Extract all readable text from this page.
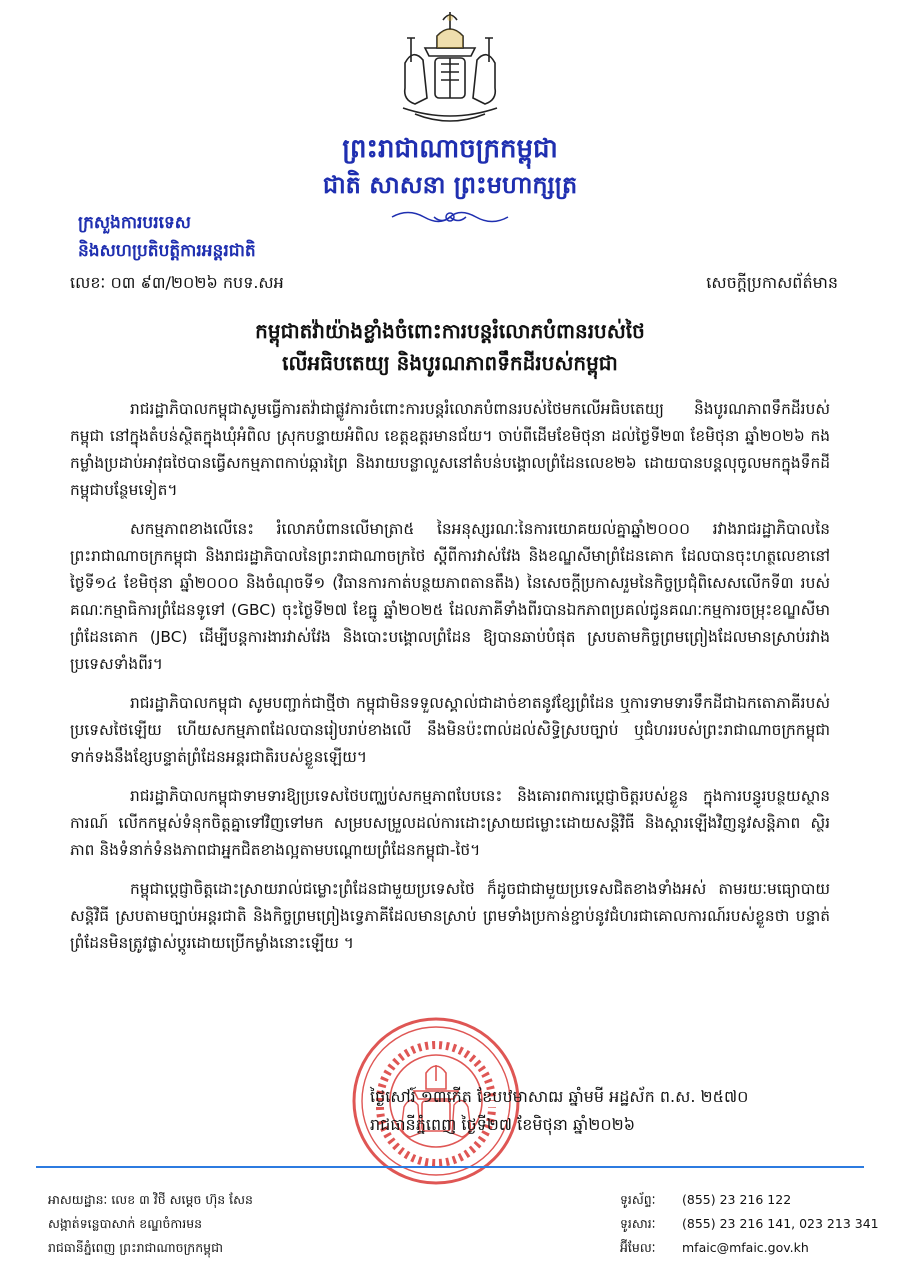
ព្រះរាជាណាចក្រកម្ពុជា
ជាតិ សាសនា ព្រះមហាក្សត្រ
ក្រសួងការបរទេស
និងសហប្រតិបត្តិការអន្តរជាតិ
លេខៈ ០៣ ៩៣/២០២៦ កបទ.សអ	សេចក្តីប្រកាសព័ត៌មាន
កម្ពុជាតវ៉ាយ៉ាងខ្លាំងចំពោះការបន្តរំលោភបំពានរបស់ថៃ
លើអធិបតេយ្យ និងបូរណភាពទឹកដីរបស់កម្ពុជា

រាជរដ្ឋាភិបាលកម្ពុជាសូមធ្វើការតវ៉ាជាផ្លូវការចំពោះការបន្តរំលោភបំពានរបស់ថៃមកលើអធិបតេយ្យ និងបូរណភាពទឹកដីរបស់កម្ពុជា នៅក្នុងតំបន់ស្ថិតក្នុងឃុំអំពិល ស្រុកបន្ទាយអំពិល ខេត្តឧត្តរមានជ័យ។ ចាប់ពីដើមខែមិថុនា ដល់ថ្ងៃទី២៣ ខែមិថុនា ឆ្នាំ២០២៦ កងកម្លាំងប្រដាប់អាវុធថៃបានធ្វើសកម្មភាពកាប់ឆ្ការព្រៃ និងរាយបន្លាលួសនៅតំបន់បង្គោលព្រំដែនលេខ២៦ ដោយបានបន្តលុចូលមកក្នុងទឹកដីកម្ពុជាបន្ថែមទៀត។

សកម្មភាពខាងលើនេះ រំលោភបំពានលើមាត្រា៥ នៃអនុស្សរណៈនៃការយោគយល់គ្នាឆ្នាំ២០០០ រវាងរាជរដ្ឋាភិបាលនៃព្រះរាជាណាចក្រកម្ពុជា និងរាជរដ្ឋាភិបាលនៃព្រះរាជាណាចក្រថៃ ស្តីពីការវាស់វែង និងខណ្ឌសីមាព្រំដែនគោក ដែលបានចុះហត្ថលេខានៅថ្ងៃទី១៤ ខែមិថុនា ឆ្នាំ២០០០ និងចំណុចទី១ (វិធានការកាត់បន្ថយភាពតានតឹង) នៃសេចក្តីប្រកាសរួមនៃកិច្ចប្រជុំពិសេសលើកទី៣ របស់គណៈកម្មាធិការព្រំដែនទូទៅ (GBC) ចុះថ្ងៃទី២៧ ខែធ្នូ ឆ្នាំ២០២៥ ដែលភាគីទាំងពីរបានឯកភាពប្រគល់ជូនគណៈកម្មការចម្រុះខណ្ឌសីមាព្រំដែនគោក (JBC) ដើម្បីបន្តការងារវាស់វែង និងបោះបង្គោលព្រំដែន ឱ្យបានឆាប់បំផុត ស្របតាមកិច្ចព្រមព្រៀងដែលមានស្រាប់រវាងប្រទេសទាំងពីរ។

រាជរដ្ឋាភិបាលកម្ពុជា សូមបញ្ជាក់ជាថ្មីថា កម្ពុជាមិនទទួលស្គាល់ជាដាច់ខាតនូវខ្សែព្រំដែន ឬការទាមទារទឹកដីជាឯកតោភាគីរបស់ប្រទេសថៃឡើយ ហើយសកម្មភាពដែលបានរៀបរាប់ខាងលើ នឹងមិនប៉ះពាល់ដល់សិទ្ធិស្របច្បាប់ ឬជំហររបស់ព្រះរាជាណាចក្រកម្ពុជាទាក់ទងនឹងខ្សែបន្ទាត់ព្រំដែនអន្តរជាតិរបស់ខ្លួនឡើយ។

រាជរដ្ឋាភិបាលកម្ពុជាទាមទារឱ្យប្រទេសថៃបញ្ឈប់សកម្មភាពបែបនេះ និងគោរពការប្តេជ្ញាចិត្តរបស់ខ្លួន ក្នុងការបន្ធូរបន្ថយស្ថានការណ៍ លើកកម្ពស់ទំនុកចិត្តគ្នាទៅវិញទៅមក សម្របសម្រួលដល់ការដោះស្រាយជម្លោះដោយសន្តិវិធី និងស្តារឡើងវិញនូវសន្តិភាព ស្ថិរភាព និងទំនាក់ទំនងភាពជាអ្នកជិតខាងល្អតាមបណ្តោយព្រំដែនកម្ពុជា-ថៃ។

កម្ពុជាប្តេជ្ញាចិត្តដោះស្រាយរាល់ជម្លោះព្រំដែនជាមួយប្រទេសថៃ ក៏ដូចជាជាមួយប្រទេសជិតខាងទាំងអស់ តាមរយៈមធ្យោបាយសន្តិវិធី ស្របតាមច្បាប់អន្តរជាតិ និងកិច្ចព្រមព្រៀងទ្វេភាគីដែលមានស្រាប់ ព្រមទាំងប្រកាន់ខ្ជាប់នូវជំហរជាគោលការណ៍របស់ខ្លួនថា បន្ទាត់ព្រំដែនមិនត្រូវផ្លាស់ប្តូរដោយប្រើកម្លាំងនោះឡើយ ។

ថ្ងៃសៅរ៍ ១៣កើត ខែបឋមាសាឍ ឆ្នាំមមី អដ្ឋស័ក ព.ស. ២៥៧០
រាជធានីភ្នំពេញ ថ្ងៃទី២៧ ខែមិថុនា ឆ្នាំ២០២៦
អាសយដ្ឋានៈ លេខ ៣ វិថី សម្តេច ហ៊ុន សែន
សង្កាត់ទន្លេបាសាក់ ខណ្ឌចំការមន
រាជធានីភ្នំពេញ ព្រះរាជាណាចក្រកម្ពុជា
ទូរស័ព្ទៈ (855) 23 216 122
ទូរសារៈ (855) 23 216 141, 023 213 341
អ៊ីមែលៈ mfaic@mfaic.gov.kh
